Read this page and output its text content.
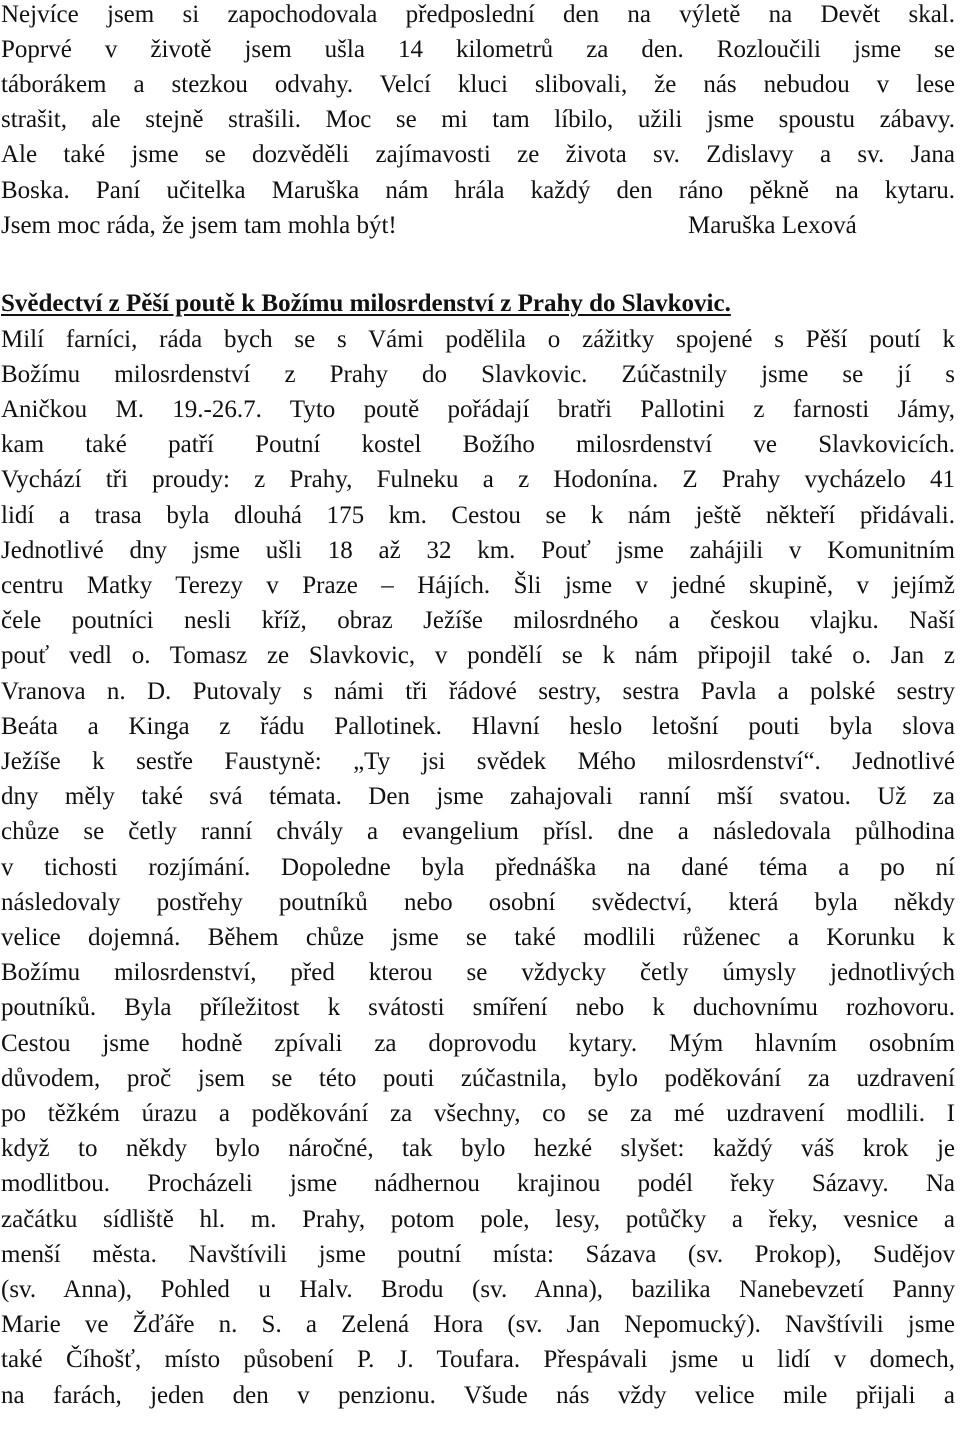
Nejvíce jsem si zapochodovala předposlední den na výletě na Devět skal.
Poprvé v životě jsem ušla 14 kilometrů za den. Rozloučili jsme se
táborákem a stezkou odvahy. Velcí kluci slibovali, že nás nebudou v lese
strašit, ale stejně strašili. Moc se mi tam líbilo, užili jsme spoustu zábavy.
Ale také jsme se dozvěděli zajímavosti ze života sv. Zdislavy a sv. Jana
Boska. Paní učitelka Maruška nám hrála každý den ráno pěkně na kytaru.
Jsem moc ráda, že jsem tam mohla být!	Maruška Lexová
Svědectví z Pěší poutě k Božímu milosrdenství z Prahy do Slavkovic.
Milí farníci, ráda bych se s Vámi podělila o zážitky spojené s Pěší poutí k
Božímu milosrdenství z Prahy do Slavkovic. Zúčastnily jsme se jí s
Aničkou M. 19.-26.7. Tyto poutě pořádají bratři Pallotini z farnosti Jámy,
kam také patří Poutní kostel Božího milosrdenství ve Slavkovicích.
Vychází tři proudy: z Prahy, Fulneku a z Hodonína. Z Prahy vycházelo 41
lidí a trasa byla dlouhá 175 km. Cestou se k nám ještě někteří přidávali.
Jednotlivé dny jsme ušli 18 až 32 km. Pouť jsme zahájili v Komunitním
centru Matky Terezy v Praze – Hájích. Šli jsme v jedné skupině, v jejímž
čele poutníci nesli kříž, obraz Ježíše milosrdného a českou vlajku. Naší
pouť vedl o. Tomasz ze Slavkovic, v pondělí se k nám připojil také o. Jan z
Vranova n. D. Putovaly s námi tři řádové sestry, sestra Pavla a polské sestry
Beáta a Kinga z řádu Pallotinek. Hlavní heslo letošní pouti byla slova
Ježíše k sestře Faustyně: „Ty jsi svědek Mého milosrdenství“. Jednotlivé
dny měly také svá témata. Den jsme zahajovali ranní mší svatou. Už za
chůze se četly ranní chvály a evangelium přísl. dne a následovala půlhodina
v tichosti rozjímání. Dopoledne byla přednáška na dané téma a po ní
následovaly postřehy poutníků nebo osobní svědectví, která byla někdy
velice dojemná. Během chůze jsme se také modlili růženec a Korunku k
Božímu milosrdenství, před kterou se vždycky četly úmysly jednotlivých
poutníků. Byla příležitost k svátosti smíření nebo k duchovnímu rozhovoru.
Cestou jsme hodně zpívali za doprovodu kytary. Mým hlavním osobním
důvodem, proč jsem se této pouti zúčastnila, bylo poděkování za uzdravení
po těžkém úrazu a poděkování za všechny, co se za mé uzdravení modlili. I
když to někdy bylo náročné, tak bylo hezké slyšet: každý váš krok je
modlitbou. Procházeli jsme nádhernou krajinou podél řeky Sázavy. Na
začátku sídliště hl. m. Prahy, potom pole, lesy, potůčky a řeky, vesnice a
menší města. Navštívili jsme poutní místa: Sázava (sv. Prokop), Sudějov
(sv. Anna), Pohled u Halv. Brodu (sv. Anna), bazilika Nanebevzetí Panny
Marie ve Žďáře n. S. a Zelená Hora (sv. Jan Nepomucký). Navštívili jsme
také Číhošť, místo působení P. J. Toufara. Přespávali jsme u lidí v domech,
na farách, jeden den v penzionu. Všude nás vždy velice mile přijali a
